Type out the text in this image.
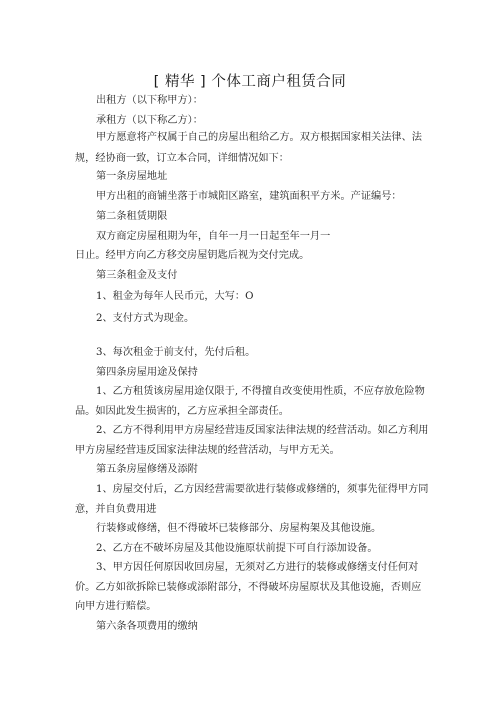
[ 精华 ] 个体工商户租赁合同
出租方（以下称甲方）：
承租方（以下称乙方）：
甲方愿意将产权属于自己的房屋出租给乙方。双方根据国家相关法律、法
规，经协商一致，订立本合同，详细情况如下：
第一条房屋地址
甲方出租的商铺坐落于市城阳区路室，建筑面积平方米。产证编号：
第二条租赁期限
双方商定房屋租期为年，自年一月一日起至年一月一
日止。经甲方向乙方移交房屋钥匙后视为交付完成。
第三条租金及支付
1、租金为每年人民币元，大写：O
2、支付方式为现金。
3、每次租金于前支付，先付后租。
第四条房屋用途及保持
1、乙方租赁该房屋用途仅限于, 不得擅自改变使用性质，不应存放危险物
品。如因此发生损害的，乙方应承担全部责任。
2、乙方不得利用甲方房屋经营违反国家法律法规的经营活动。如乙方利用
甲方房屋经营违反国家法律法规的经营活动，与甲方无关。
第五条房屋修缮及添附
1、房屋交付后，乙方因经营需要欲进行装修或修缮的，须事先征得甲方同
意，并自负费用进
行装修或修缮，但不得破坏已装修部分、房屋构架及其他设施。
2、乙方在不破坏房屋及其他设施原状前提下可自行添加设备。
3、甲方因任何原因收回房屋，无须对乙方进行的装修或修缮支付任何对
价。乙方如欲拆除已装修或添附部分，不得破坏房屋原状及其他设施，否则应
向甲方进行赔偿。
第六条各项费用的缴纳
